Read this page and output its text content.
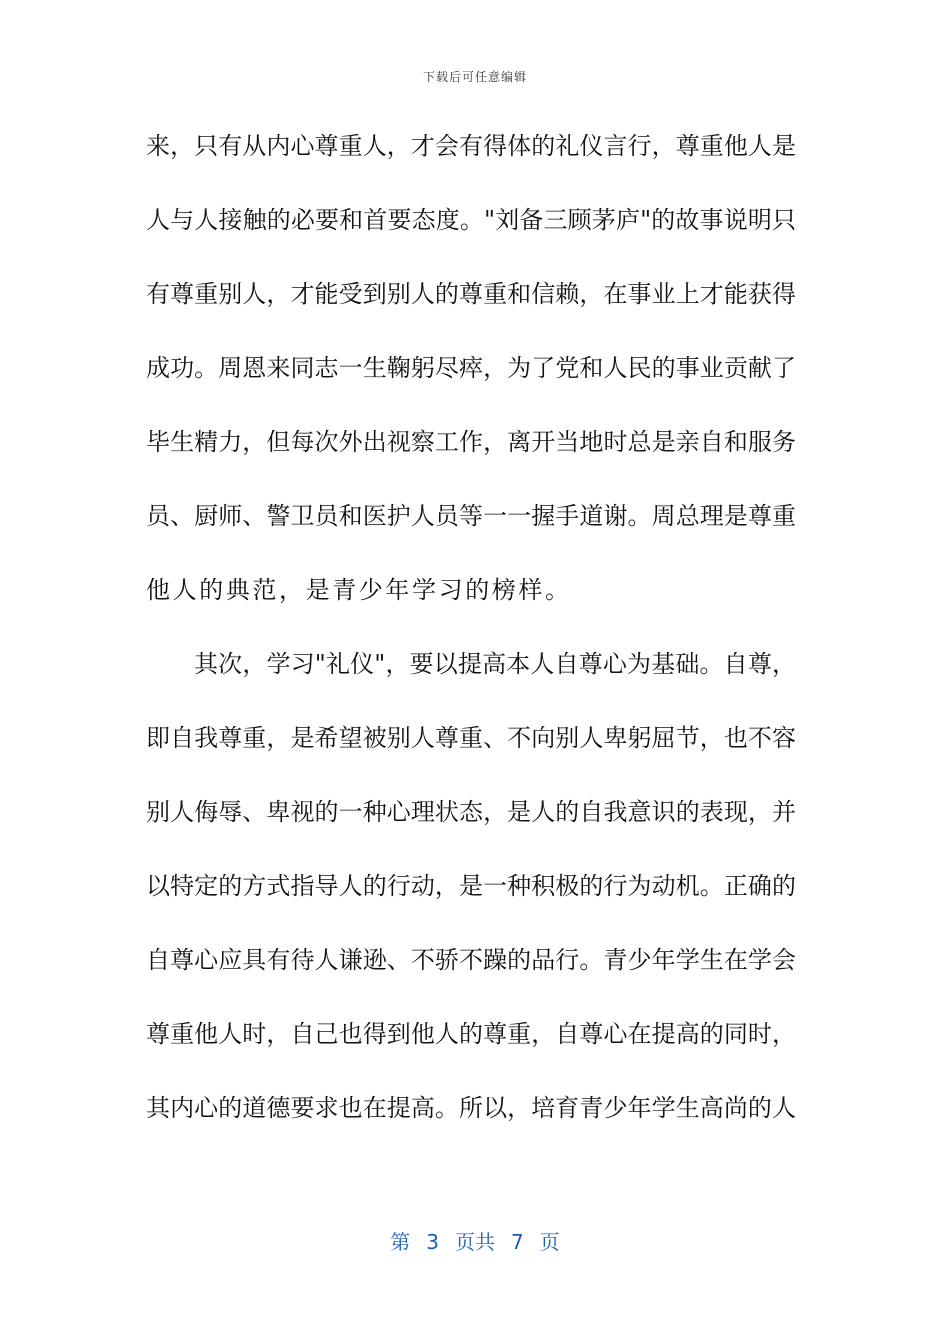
下载后可任意编辑
来，只有从内心尊重人，才会有得体的礼仪言行，尊重他人是
人与人接触的必要和首要态度。"刘备三顾茅庐"的故事说明只
有尊重别人，才能受到别人的尊重和信赖，在事业上才能获得
成功。周恩来同志一生鞠躬尽瘁，为了党和人民的事业贡献了
毕生精力，但每次外出视察工作，离开当地时总是亲自和服务
员、厨师、警卫员和医护人员等一一握手道谢。周总理是尊重
他人的典范，是青少年学习的榜样。
其次，学习"礼仪"，要以提高本人自尊心为基础。自尊，
即自我尊重，是希望被别人尊重、不向别人卑躬屈节，也不容
别人侮辱、卑视的一种心理状态，是人的自我意识的表现，并
以特定的方式指导人的行动，是一种积极的行为动机。正确的
自尊心应具有待人谦逊、不骄不躁的品行。青少年学生在学会
尊重他人时，自己也得到他人的尊重，自尊心在提高的同时，
其内心的道德要求也在提高。所以，培育青少年学生高尚的人
第 3 页共 7 页
